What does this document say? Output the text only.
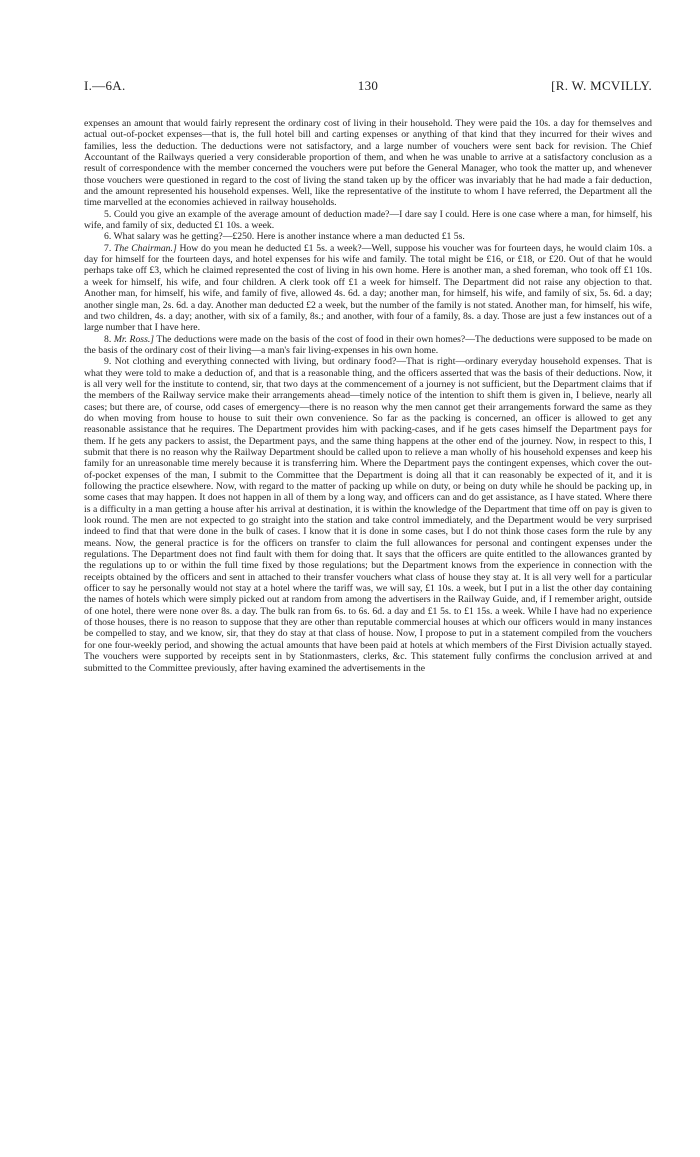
I.—6A.	130	[R. W. MCVILLY.

expenses an amount that would fairly represent the ordinary cost of living in their household. They were paid the 10s. a day for themselves and actual out-of-pocket expenses—that is, the full hotel bill and carting expenses or anything of that kind that they incurred for their wives and families, less the deduction. The deductions were not satisfactory, and a large number of vouchers were sent back for revision. The Chief Accountant of the Railways queried a very considerable proportion of them, and when he was unable to arrive at a satisfactory conclusion as a result of correspondence with the member concerned the vouchers were put before the General Manager, who took the matter up, and whenever those vouchers were questioned in regard to the cost of living the stand taken up by the officer was invariably that he had made a fair deduction, and the amount represented his household expenses. Well, like the representative of the institute to whom I have referred, the Department all the time marvelled at the economies achieved in railway households.

5. Could you give an example of the average amount of deduction made?—I dare say I could. Here is one case where a man, for himself, his wife, and family of six, deducted £1 10s. a week.

6. What salary was he getting?—£250. Here is another instance where a man deducted £1 5s.

7. The Chairman.] How do you mean he deducted £1 5s. a week?—Well, suppose his voucher was for fourteen days, he would claim 10s. a day for himself for the fourteen days, and hotel expenses for his wife and family. The total might be £16, or £18, or £20. Out of that he would perhaps take off £3, which he claimed represented the cost of living in his own home. Here is another man, a shed foreman, who took off £1 10s. a week for himself, his wife, and four children. A clerk took off £1 a week for himself. The Department did not raise any objection to that. Another man, for himself, his wife, and family of five, allowed 4s. 6d. a day; another man, for himself, his wife, and family of six, 5s. 6d. a day; another single man, 2s. 6d. a day. Another man deducted £2 a week, but the number of the family is not stated. Another man, for himself, his wife, and two children, 4s. a day; another, with six of a family, 8s.; and another, with four of a family, 8s. a day. Those are just a few instances out of a large number that I have here.

8. Mr. Ross.] The deductions were made on the basis of the cost of food in their own homes?—The deductions were supposed to be made on the basis of the ordinary cost of their living—a man's fair living-expenses in his own home.

9. Not clothing and everything connected with living, but ordinary food?—That is right—ordinary everyday household expenses. That is what they were told to make a deduction of, and that is a reasonable thing, and the officers asserted that was the basis of their deductions. Now, it is all very well for the institute to contend, sir, that two days at the commencement of a journey is not sufficient, but the Department claims that if the members of the Railway service make their arrangements ahead—timely notice of the intention to shift them is given in, I believe, nearly all cases; but there are, of course, odd cases of emergency—there is no reason why the men cannot get their arrangements forward the same as they do when moving from house to house to suit their own convenience. So far as the packing is concerned, an officer is allowed to get any reasonable assistance that he requires. The Department provides him with packing-cases, and if he gets cases himself the Department pays for them. If he gets any packers to assist, the Department pays, and the same thing happens at the other end of the journey. Now, in respect to this, I submit that there is no reason why the Railway Department should be called upon to relieve a man wholly of his household expenses and keep his family for an unreasonable time merely because it is transferring him. Where the Department pays the contingent expenses, which cover the out-of-pocket expenses of the man, I submit to the Committee that the Department is doing all that it can reasonably be expected of it, and it is following the practice elsewhere. Now, with regard to the matter of packing up while on duty, or being on duty while he should be packing up, in some cases that may happen. It does not happen in all of them by a long way, and officers can and do get assistance, as I have stated. Where there is a difficulty in a man getting a house after his arrival at destination, it is within the knowledge of the Department that time off on pay is given to look round. The men are not expected to go straight into the station and take control immediately, and the Department would be very surprised indeed to find that that were done in the bulk of cases. I know that it is done in some cases, but I do not think those cases form the rule by any means. Now, the general practice is for the officers on transfer to claim the full allowances for personal and contingent expenses under the regulations. The Department does not find fault with them for doing that. It says that the officers are quite entitled to the allowances granted by the regulations up to or within the full time fixed by those regulations; but the Department knows from the experience in connection with the receipts obtained by the officers and sent in attached to their transfer vouchers what class of house they stay at. It is all very well for a particular officer to say he personally would not stay at a hotel where the tariff was, we will say, £1 10s. a week, but I put in a list the other day containing the names of hotels which were simply picked out at random from among the advertisers in the Railway Guide, and, if I remember aright, outside of one hotel, there were none over 8s. a day. The bulk ran from 6s. to 6s. 6d. a day and £1 5s. to £1 15s. a week. While I have had no experience of those houses, there is no reason to suppose that they are other than reputable commercial houses at which our officers would in many instances be compelled to stay, and we know, sir, that they do stay at that class of house. Now, I propose to put in a statement compiled from the vouchers for one four-weekly period, and showing the actual amounts that have been paid at hotels at which members of the First Division actually stayed. The vouchers were supported by receipts sent in by Stationmasters, clerks, &c. This statement fully confirms the conclusion arrived at and submitted to the Committee previously, after having examined the advertisements in the
